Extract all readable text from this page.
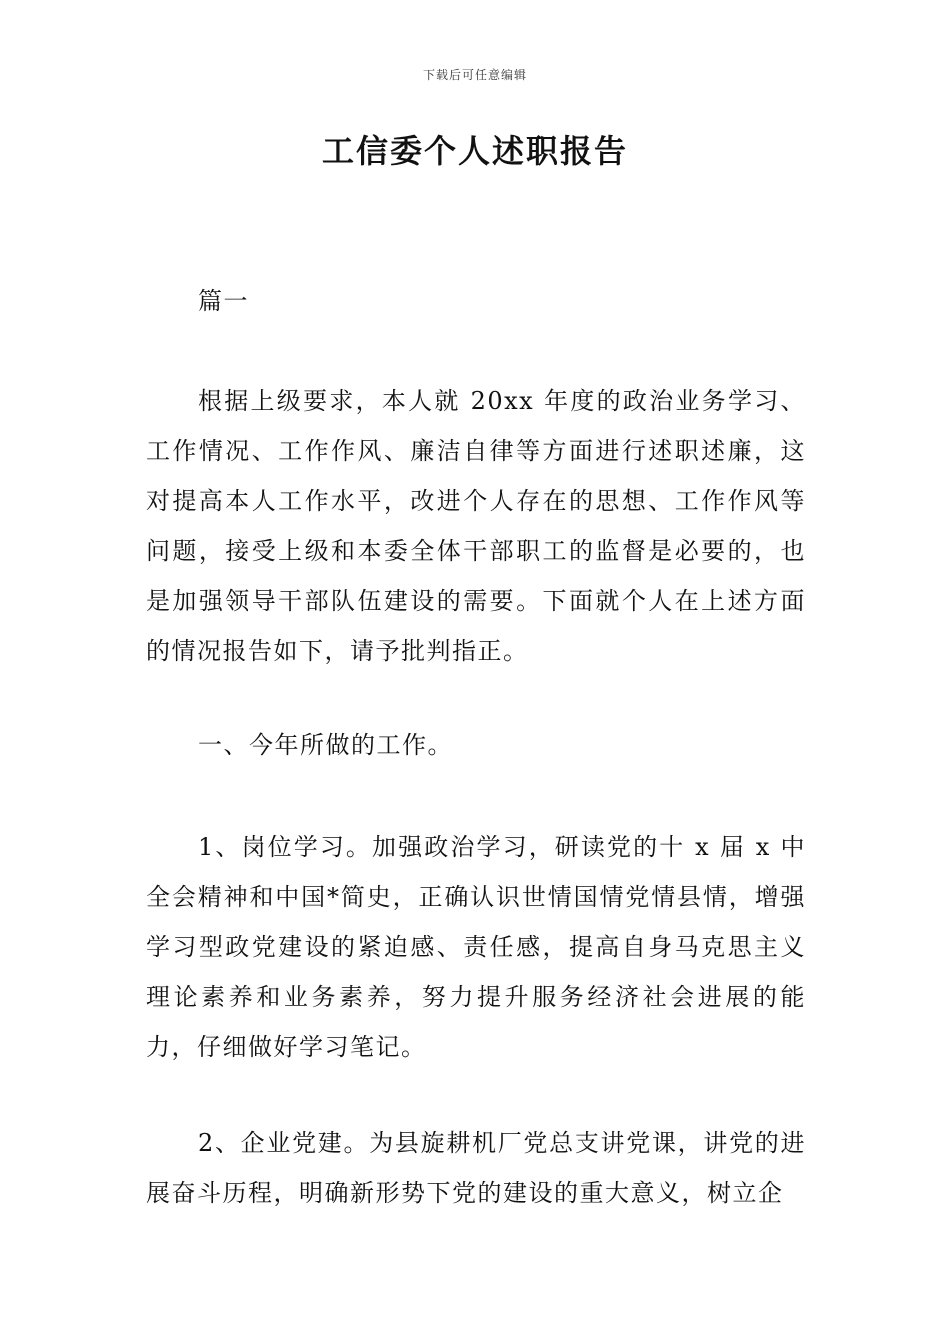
下载后可任意编辑
工信委个人述职报告

篇一

根据上级要求，本人就 20xx 年度的政治业务学习、工作情况、工作作风、廉洁自律等方面进行述职述廉，这对提高本人工作水平，改进个人存在的思想、工作作风等问题，接受上级和本委全体干部职工的监督是必要的，也是加强领导干部队伍建设的需要。下面就个人在上述方面的情况报告如下，请予批判指正。

一、今年所做的工作。

1、岗位学习。加强政治学习，研读党的十 x 届 x 中全会精神和中国*简史，正确认识世情国情党情县情，增强学习型政党建设的紧迫感、责任感，提高自身马克思主义理论素养和业务素养，努力提升服务经济社会进展的能力，仔细做好学习笔记。

2、企业党建。为县旋耕机厂党总支讲党课，讲党的进展奋斗历程，明确新形势下党的建设的重大意义，树立企
